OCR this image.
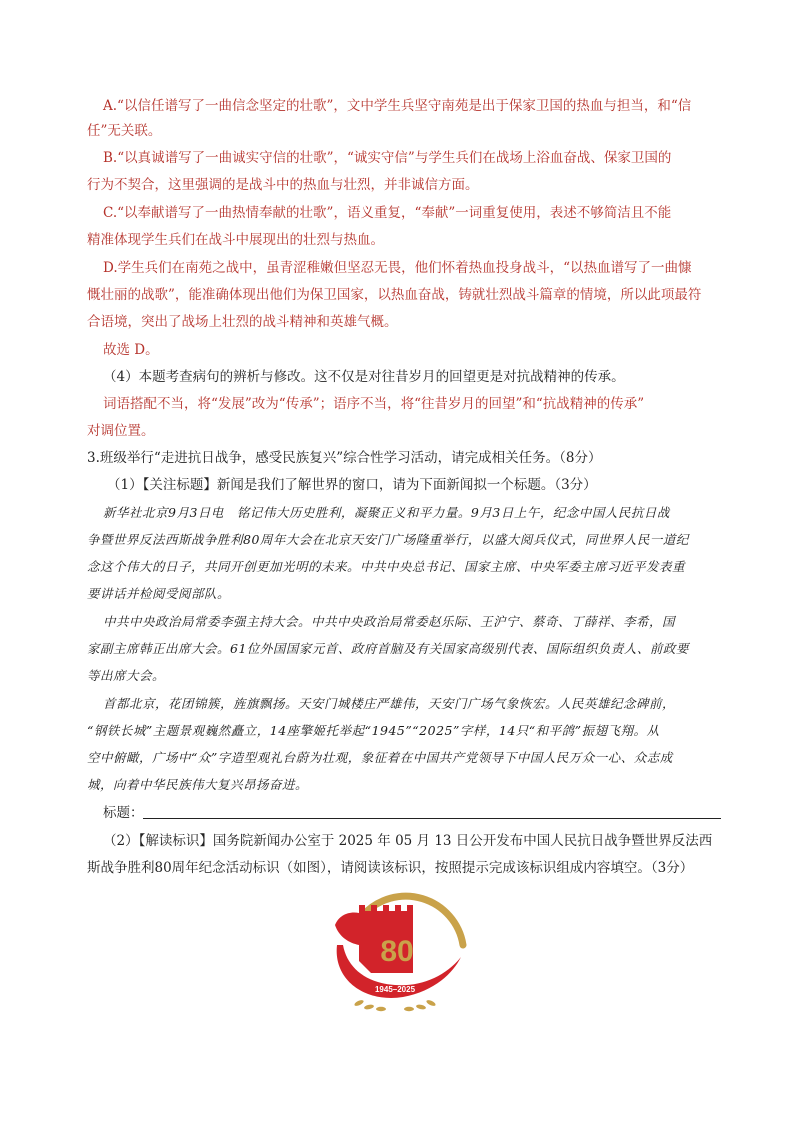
A.“以信任谱写了一曲信念坚定的壮歌”，文中学生兵坚守南苑是出于保家卫国的热血与担当，和“信
任”无关联。
B.“以真诚谱写了一曲诚实守信的壮歌”，“诚实守信”与学生兵们在战场上浴血奋战、保家卫国的
行为不契合，这里强调的是战斗中的热血与壮烈，并非诚信方面。
C.“以奉献谱写了一曲热情奉献的壮歌”，语义重复，“奉献”一词重复使用，表述不够简洁且不能
精准体现学生兵们在战斗中展现出的壮烈与热血。
D.学生兵们在南苑之战中，虽青涩稚嫩但坚忍无畏，他们怀着热血投身战斗，“以热血谱写了一曲慷
慨壮丽的战歌”，能准确体现出他们为保卫国家，以热血奋战，铸就壮烈战斗篇章的情境，所以此项最符
合语境，突出了战场上壮烈的战斗精神和英雄气概。
故选 D。
（4）本题考查病句的辨析与修改。这不仅是对往昔岁月的回望更是对抗战精神的传承。
词语搭配不当，将“发展”改为“传承”；语序不当，将“往昔岁月的回望”和“抗战精神的传承”
对调位置。
3.班级举行“走进抗日战争，感受民族复兴”综合性学习活动，请完成相关任务。（8分）
（1）【关注标题】新闻是我们了解世界的窗口，请为下面新闻拟一个标题。（3分）
新华社北京9月3日电　铭记伟大历史胜利，凝聚正义和平力量。9月3日上午，纪念中国人民抗日战
争暨世界反法西斯战争胜利80周年大会在北京天安门广场隆重举行，以盛大阅兵仪式，同世界人民一道纪
念这个伟大的日子，共同开创更加光明的未来。中共中央总书记、国家主席、中央军委主席习近平发表重
要讲话并检阅受阅部队。
中共中央政治局常委李强主持大会。中共中央政治局常委赵乐际、王沪宁、蔡奇、丁薛祥、李希，国
家副主席韩正出席大会。61位外国国家元首、政府首脑及有关国家高级别代表、国际组织负责人、前政要
等出席大会。
首都北京，花团锦簇，旌旗飘扬。天安门城楼庄严雄伟，天安门广场气象恢宏。人民英雄纪念碑前，
“钢铁长城”主题景观巍然矗立，14座擎姬托举起“1945”“2025”字样，14只“和平鸽”振翅飞翔。从
空中俯瞰，广场中“众”字造型观礼台蔚为壮观，象征着在中国共产党领导下中国人民万众一心、众志成
城，向着中华民族伟大复兴昂扬奋进。
标题：
（2）【解读标识】国务院新闻办公室于 2025 年 05 月 13 日公开发布中国人民抗日战争暨世界反法西
斯战争胜利80周年纪念活动标识（如图），请阅读该标识，按照提示完成该标识组成内容填空。（3分）
80
1945–2025
